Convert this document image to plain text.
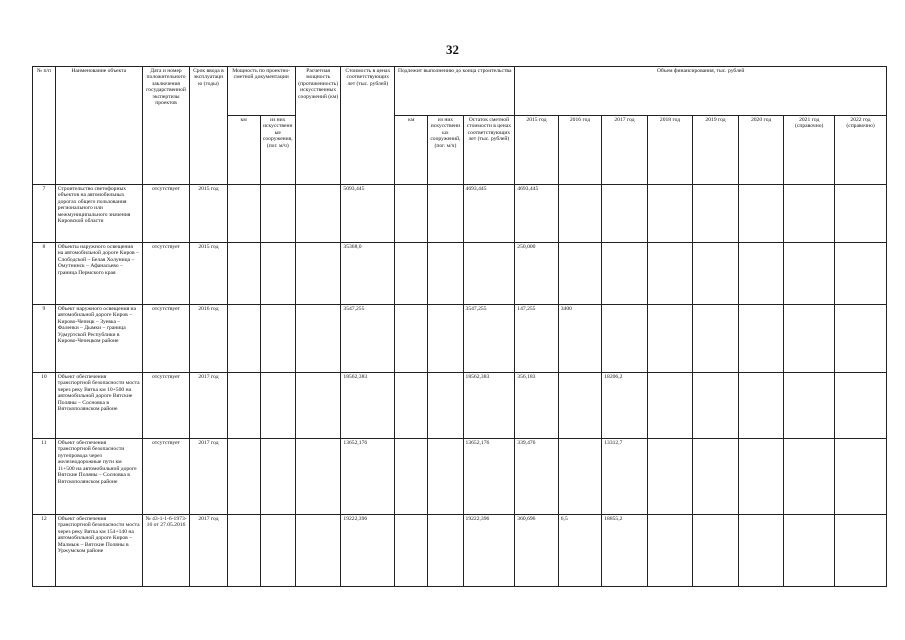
32
№ п/п	Наименование объекта	Дата и номер положительного заключения государственной экспертизы проектов	Срок ввода в эксплуатацию (годы)	Мощность по проектно-сметной документации		Расчетная мощность (протяженность) искусственных сооружений (км)	Стоимость в ценах соответствующих лет (тыс. рублей)	Подлежит выполнению до конца строительства			Объем финансирования, тыс. рублей							
				км	из них искусственные сооружения, (пог. м/ч)			км	из них искусственных сооружений, (пог. м/ч)	Остаток сметной стоимости в ценах соответствующих лет (тыс. рублей)	2015 год	2016 год	2017 год	2018 год	2019 год	2020 год	2021 год (справочно)	2022 год (справочно)
7	Строительство светофорных объектов на автомобильных дорогах общего пользования регионального или межмуниципального значения Кировской области	отсутствует	2015 год				5093,445			4693,445	4693,445							
8	Объекты наружного освещения на автомобильной дороге Киров – Слободской – Белая Холуница – Омутнинск – Афанасьево – граница Пермского края	отсутствует	2015 год				35368,0				250,000							
9	Объект наружного освещения на автомобильной дороге Киров – Кирово-Чепецк – Зуевка – Фаленки – Дымки – граница Удмуртской Республики в Кирово-Чепецком районе	отсутствует	2016 год				3547,255			3547,255	147,255	3400						
10	Объект обеспечения транспортной безопасности моста через реку Вятка км 10+500 на автомобильной дороге Вятские Поляны – Сосновка в Вятскополянском районе	отсутствует	2017 год				18562,383			18562,383	356,183		18206,2					
11	Объект обеспечения транспортной безопасности путепровода через железнодорожные пути км 11+500 на автомобильной дороге Вятские Поляны – Сосновка в Вятскополянском районе	отсутствует	2017 год				13652,176			13652,176	339,476		13312,7					
12	Объект обеспечения транспортной безопасности моста через реку Вятка км 154+140 на автомобильной дороге Киров – Малмыж – Вятские Поляны в Уржумском районе	№ 43-1-1-6-1973-16 от 27.05.2016	2017 год				19222,396			19222,396	360,696	6,5	18855,2					
